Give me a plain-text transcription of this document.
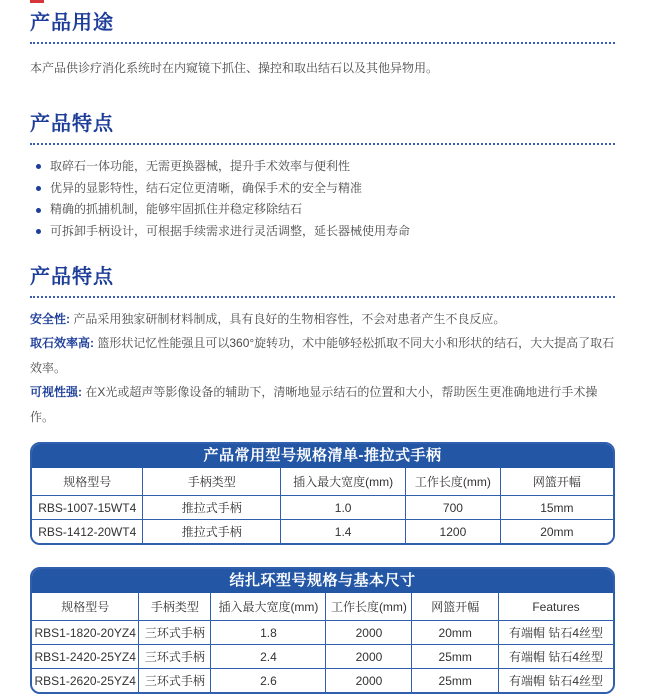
产品用途

本产品供诊疗消化系统时在内窥镜下抓住、操控和取出结石以及其他异物用。

产品特点
取碎石一体功能，无需更换器械，提升手术效率与便利性
优异的显影特性，结石定位更清晰，确保手术的安全与精准
精确的抓捕机制，能够牢固抓住并稳定移除结石
可拆卸手柄设计，可根据手续需求进行灵活调整，延长器械使用寿命
产品特点

安全性: 产品采用独家研制材料制成，具有良好的生物相容性，不会对患者产生不良反应。

取石效率高: 篮形状记忆性能强且可以360°旋转功，术中能够轻松抓取不同大小和形状的结石，大大提高了取石效率。

可视性强: 在X光或超声等影像设备的辅助下，清晰地显示结石的位置和大小，帮助医生更准确地进行手术操作。

产品常用型号规格清单-推拉式手柄
规格型号	手柄类型	插入最大宽度(mm)	工作长度(mm)	网篮开幅
RBS-1007-15WT4	推拉式手柄	1.0	700	15mm
RBS-1412-20WT4	推拉式手柄	1.4	1200	20mm
结扎环型号规格与基本尺寸
规格型号	手柄类型	插入最大宽度(mm)	工作长度(mm)	网篮开幅	Features
RBS1-1820-20YZ4	三环式手柄	1.8	2000	20mm	有端帽 钻石4丝型
RBS1-2420-25YZ4	三环式手柄	2.4	2000	25mm	有端帽 钻石4丝型
RBS1-2620-25YZ4	三环式手柄	2.6	2000	25mm	有端帽 钻石4丝型
